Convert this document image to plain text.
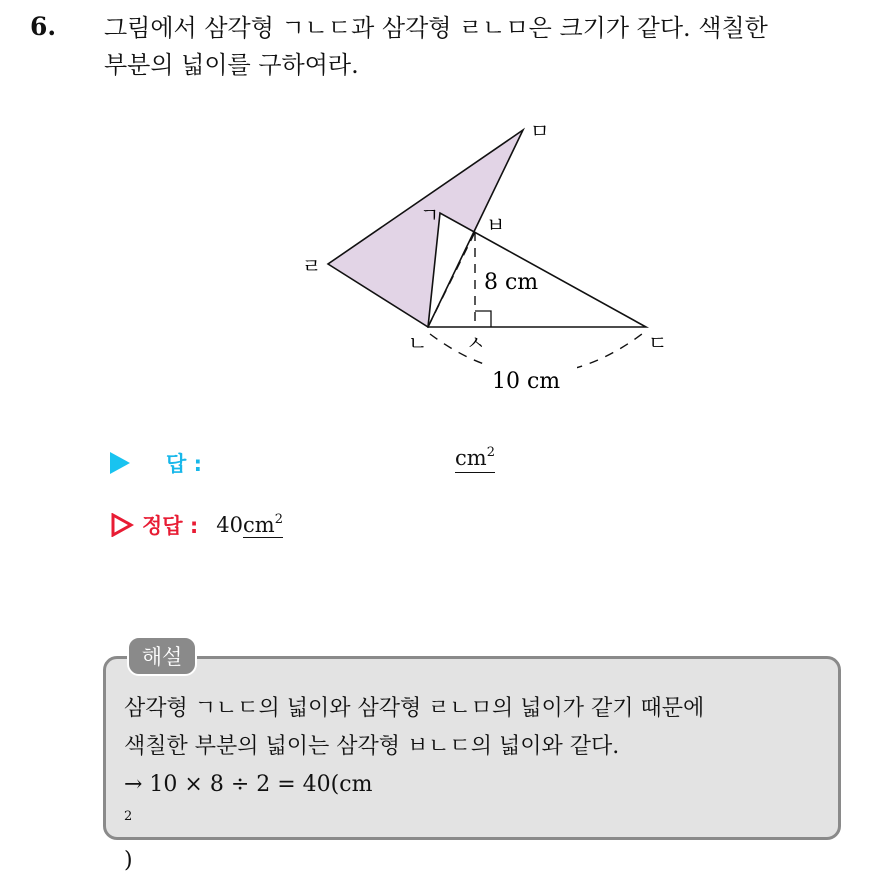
6. 그림에서 삼각형 ㄱㄴㄷ과 삼각형 ㄹㄴㅁ은 크기가 같다. 색칠한
부분의 넓이를 구하여라.
ㄱ
ㄴ	ㄷ
ㄹ
ㅁ
ㅂ
ㅅ
8 cm
10 cm
답 :	$cm^2$
정답 : $40cm^2$
해설
삼각형 ㄱㄴㄷ의 넓이와 삼각형 ㄹㄴㅁ의 넓이가 같기 때문에
색칠한 부분의 넓이는 삼각형 ㅂㄴㄷ의 넓이와 같다.
→ 10 × 8 ÷ 2 = 40(cm
$^2$
)
